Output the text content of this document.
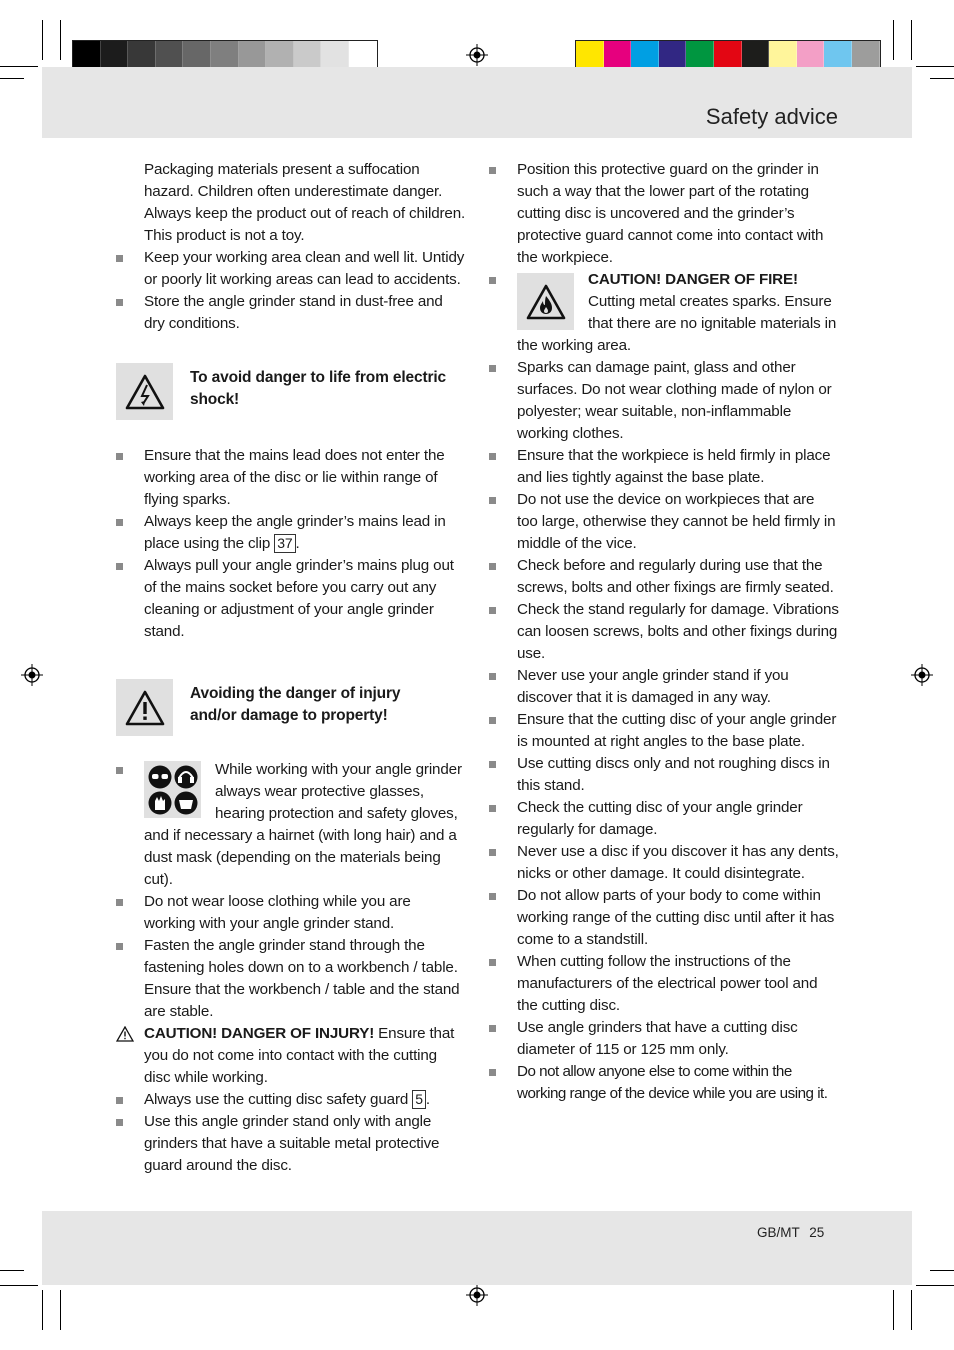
Safety advice

Packaging materials present a suffocation hazard. Children often underestimate danger. Always keep the product out of reach of children. This product is not a toy.

Keep your working area clean and well lit. Untidy or poorly lit working areas can lead to accidents.
Store the angle grinder stand in dust-free and dry conditions.
To avoid danger to life from electric shock!
Ensure that the mains lead does not enter the working area of the disc or lie within range of flying sparks.
Always keep the angle grinder’s mains lead in place using the clip 37 .
Always pull your angle grinder’s mains plug out of the mains socket before you carry out any cleaning or adjustment of your angle grinder stand.
Avoiding the danger of injury and/or damage to property!
While working with your angle grinder always wear protective glasses, hearing protection and safety gloves, and if necessary a hairnet (with long hair) and a dust mask (depending on the materials being cut).
Do not wear loose clothing while you are working with your angle grinder stand.
Fasten the angle grinder stand through the fastening holes down on to a workbench / table. Ensure that the workbench / table and the stand are stable.
CAUTION! DANGER OF INJURY! Ensure that you do not come into contact with the cutting disc while working.
Always use the cutting disc safety guard 5 .
Use this angle grinder stand only with angle grinders that have a suitable metal protective guard around the disc.
Position this protective guard on the grinder in such a way that the lower part of the rotating cutting disc is uncovered and the grinder’s protective guard cannot come into contact with the workpiece.
CAUTION! DANGER OF FIRE!
Cutting metal creates sparks. Ensure that there are no ignitable materials in the working area.
Sparks can damage paint, glass and other surfaces. Do not wear clothing made of nylon or polyester; wear suitable, non-inflammable working clothes.
Ensure that the workpiece is held firmly in place and lies tightly against the base plate.
Do not use the device on workpieces that are too large, otherwise they cannot be held firmly in middle of the vice.
Check before and regularly during use that the screws, bolts and other fixings are firmly seated.
Check the stand regularly for damage. Vibrations can loosen screws, bolts and other fixings during use.
Never use your angle grinder stand if you discover that it is damaged in any way.
Ensure that the cutting disc of your angle grinder is mounted at right angles to the base plate.
Use cutting discs only and not roughing discs in this stand.
Check the cutting disc of your angle grinder regularly for damage.
Never use a disc if you discover it has any dents, nicks or other damage. It could disintegrate.
Do not allow parts of your body to come within working range of the cutting disc until after it has come to a standstill.
When cutting follow the instructions of the manufacturers of the electrical power tool and the cutting disc.
Use angle grinders that have a cutting disc diameter of 115 or 125 mm only.
Do not allow anyone else to come within the working range of the device while you are using it.
GB/MT 25
